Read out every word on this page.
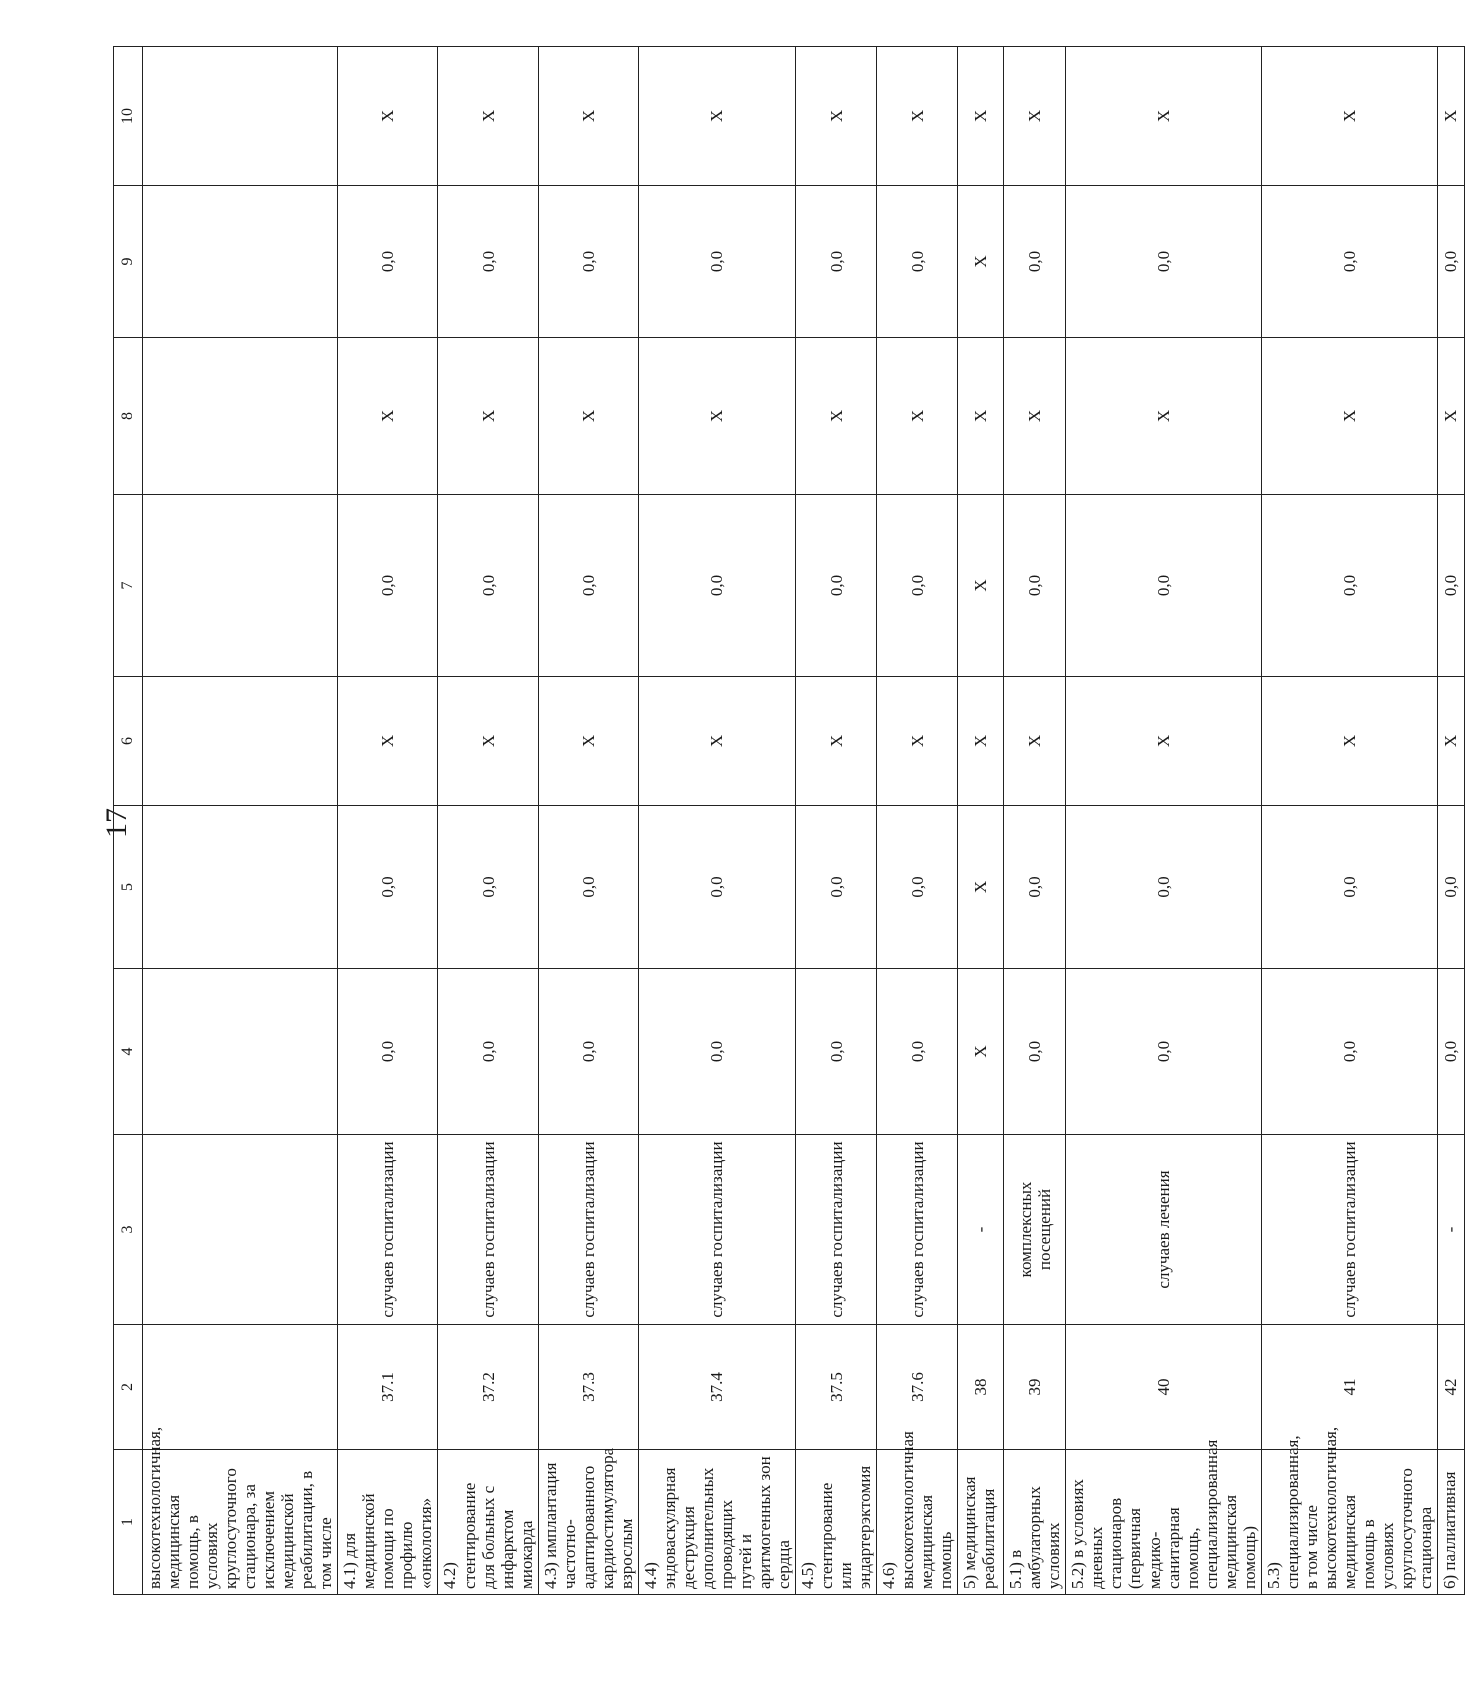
17
1	2	3	4	5	6	7	8	9	10
высокотехнологичная, медицинская помощь, в условиях круглосуточного стационара, за исключением медицинской реабилитации, в том числе									
4.1) для медицинской помощи по профилю «онкология»	37.1	случаев госпитализации	0,0	0,0	Х	0,0	Х	0,0	Х
4.2) стентирование для больных с инфарктом миокарда	37.2	случаев госпитализации	0,0	0,0	Х	0,0	Х	0,0	Х
4.3) имплантация частотно-адаптированного кардиостимулятора взрослым	37.3	случаев госпитализации	0,0	0,0	Х	0,0	Х	0,0	Х
4.4) эндоваскулярная деструкция дополнительных проводящих путей и аритмогенных зон сердца	37.4	случаев госпитализации	0,0	0,0	Х	0,0	Х	0,0	Х
4.5) стентирование или эндартерэктомия	37.5	случаев госпитализации	0,0	0,0	Х	0,0	Х	0,0	Х
4.6) высокотехнологичная медицинская помощь	37.6	случаев госпитализации	0,0	0,0	Х	0,0	Х	0,0	Х
5) медицинская реабилитация	38	-	Х	Х	Х	Х	Х	Х	Х
5.1) в амбулаторных условиях	39	комплексных посещений	0,0	0,0	Х	0,0	Х	0,0	Х
5.2) в условиях дневных стационаров (первичная медико-санитарная помощь, специализированная медицинская помощь)	40	случаев лечения	0,0	0,0	Х	0,0	Х	0,0	Х
5.3) специализированная, в том числе высокотехнологичная, медицинская помощь в условиях круглосуточного стационара	41	случаев госпитализации	0,0	0,0	Х	0,0	Х	0,0	Х
6) паллиативная	42	-	0,0	0,0	Х	0,0	Х	0,0	Х
